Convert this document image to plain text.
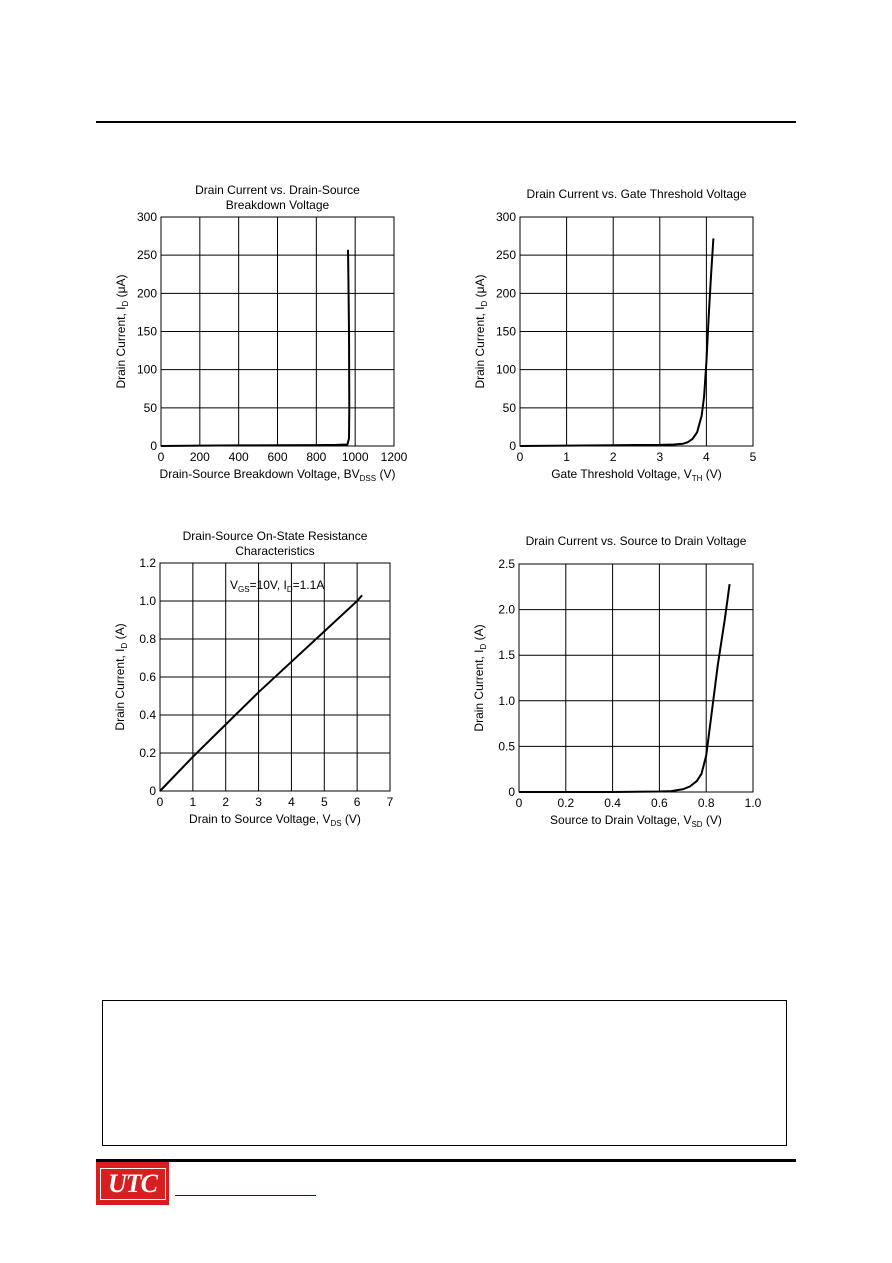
0 200 400 600 800 1000 1200
0
50
100
150
200
250
300
Drain Current vs. Drain-Source
Breakdown Voltage
Drain-Source Breakdown Voltage, $BV_{DSS}$ (V)
Drain Current, $I_D$ (μA)
0	1	2	3	4	5
0
50
100
150
200
250
300
Drain Current vs. Gate Threshold Voltage
Gate Threshold Voltage, $V_{TH}$ (V)
Drain Current, $I_D$ (μA)
0 1 2 3 4 5 6 7
0
0.2
0.4
0.6
0.8
1.0
1.2
Drain-Source On-State Resistance
Characteristics
Drain to Source Voltage, $V_{DS}$ (V)
Drain Current, $I_D$ (A)
$V_{GS}=10V$, $I_D=1.1A$
0	0.2	0.4	0.6	0.8	1.0
0
0.5
1.0
1.5
2.0
2.5
Drain Current vs. Source to Drain Voltage
Source to Drain Voltage, $V_{SD}$ (V)
Drain Current, $I_D$ (A)
UTC
